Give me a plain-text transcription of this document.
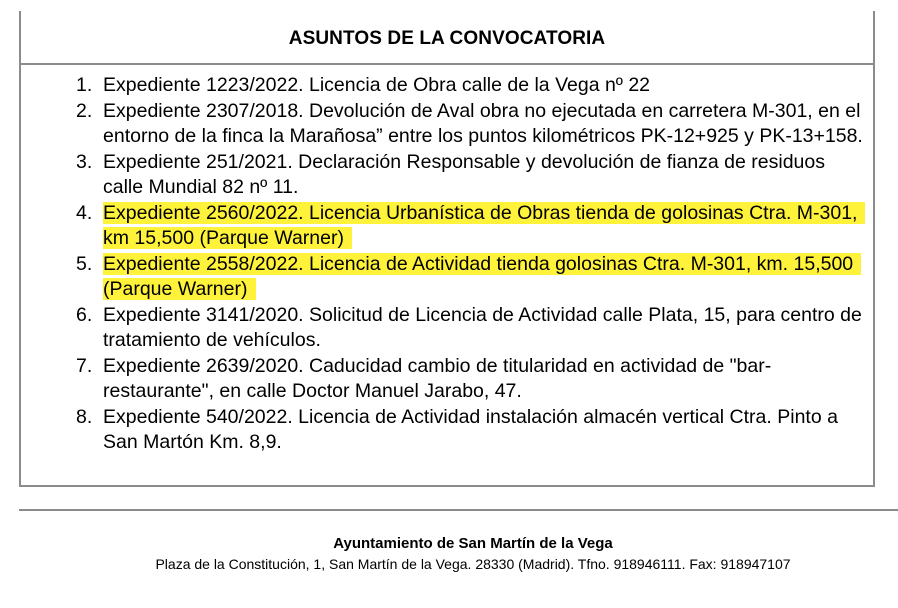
ASUNTOS DE LA CONVOCATORIA
1. Expediente 1223/2022. Licencia de Obra calle de la Vega nº 22
2. Expediente 2307/2018. Devolución de Aval obra no ejecutada en carretera M-301, en el entorno de la finca la Marañosa” entre los puntos kilométricos PK-12+925 y PK-13+158.
3. Expediente 251/2021. Declaración Responsable y devolución de fianza de residuos calle Mundial 82 nº 11.
4. Expediente 2560/2022. Licencia Urbanística de Obras tienda de golosinas Ctra. M-301, km 15,500 (Parque Warner)
5. Expediente 2558/2022. Licencia de Actividad tienda golosinas Ctra. M-301, km. 15,500 (Parque Warner)
6. Expediente 3141/2020. Solicitud de Licencia de Actividad calle Plata, 15, para centro de tratamiento de vehículos.
7. Expediente 2639/2020. Caducidad cambio de titularidad en actividad de "bar-restaurante", en calle Doctor Manuel Jarabo, 47.
8. Expediente 540/2022. Licencia de Actividad instalación almacén vertical Ctra. Pinto a San Martón Km. 8,9.
Ayuntamiento de San Martín de la Vega
Plaza de la Constitución, 1, San Martín de la Vega. 28330 (Madrid). Tfno. 918946111. Fax: 918947107
